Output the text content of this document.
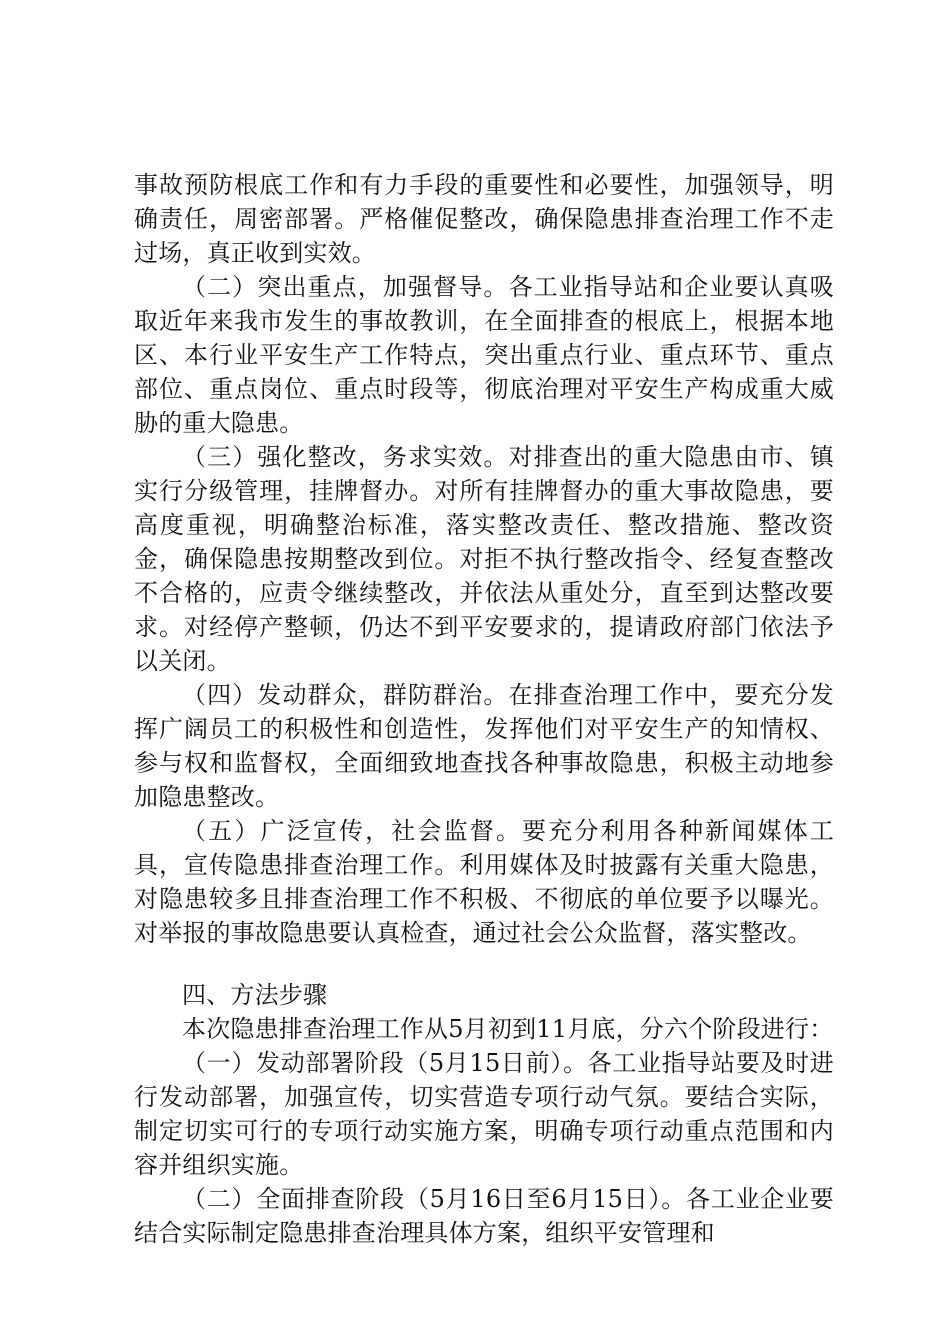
事故预防根底工作和有力手段的重要性和必要性，加强领导，明确责任，周密部署。严格催促整改，确保隐患排查治理工作不走过场，真正收到实效。

（二）突出重点，加强督导。各工业指导站和企业要认真吸取近年来我市发生的事故教训，在全面排查的根底上，根据本地区、本行业平安生产工作特点，突出重点行业、重点环节、重点部位、重点岗位、重点时段等，彻底治理对平安生产构成重大威胁的重大隐患。

（三）强化整改，务求实效。对排查出的重大隐患由市、镇实行分级管理，挂牌督办。对所有挂牌督办的重大事故隐患，要高度重视，明确整治标准，落实整改责任、整改措施、整改资金，确保隐患按期整改到位。对拒不执行整改指令、经复查整改不合格的，应责令继续整改，并依法从重处分，直至到达整改要求。对经停产整顿，仍达不到平安要求的，提请政府部门依法予以关闭。

（四）发动群众，群防群治。在排查治理工作中，要充分发挥广阔员工的积极性和创造性，发挥他们对平安生产的知情权、参与权和监督权，全面细致地查找各种事故隐患，积极主动地参加隐患整改。

（五）广泛宣传，社会监督。要充分利用各种新闻媒体工具，宣传隐患排查治理工作。利用媒体及时披露有关重大隐患，对隐患较多且排查治理工作不积极、不彻底的单位要予以曝光。对举报的事故隐患要认真检查，通过社会公众监督，落实整改。

四、方法步骤

本次隐患排查治理工作从5月初到11月底，分六个阶段进行：

（一）发动部署阶段（5月15日前）。各工业指导站要及时进行发动部署，加强宣传，切实营造专项行动气氛。要结合实际，制定切实可行的专项行动实施方案，明确专项行动重点范围和内容并组织实施。

（二）全面排查阶段（5月16日至6月15日）。各工业企业要结合实际制定隐患排查治理具体方案，组织平安管理和
